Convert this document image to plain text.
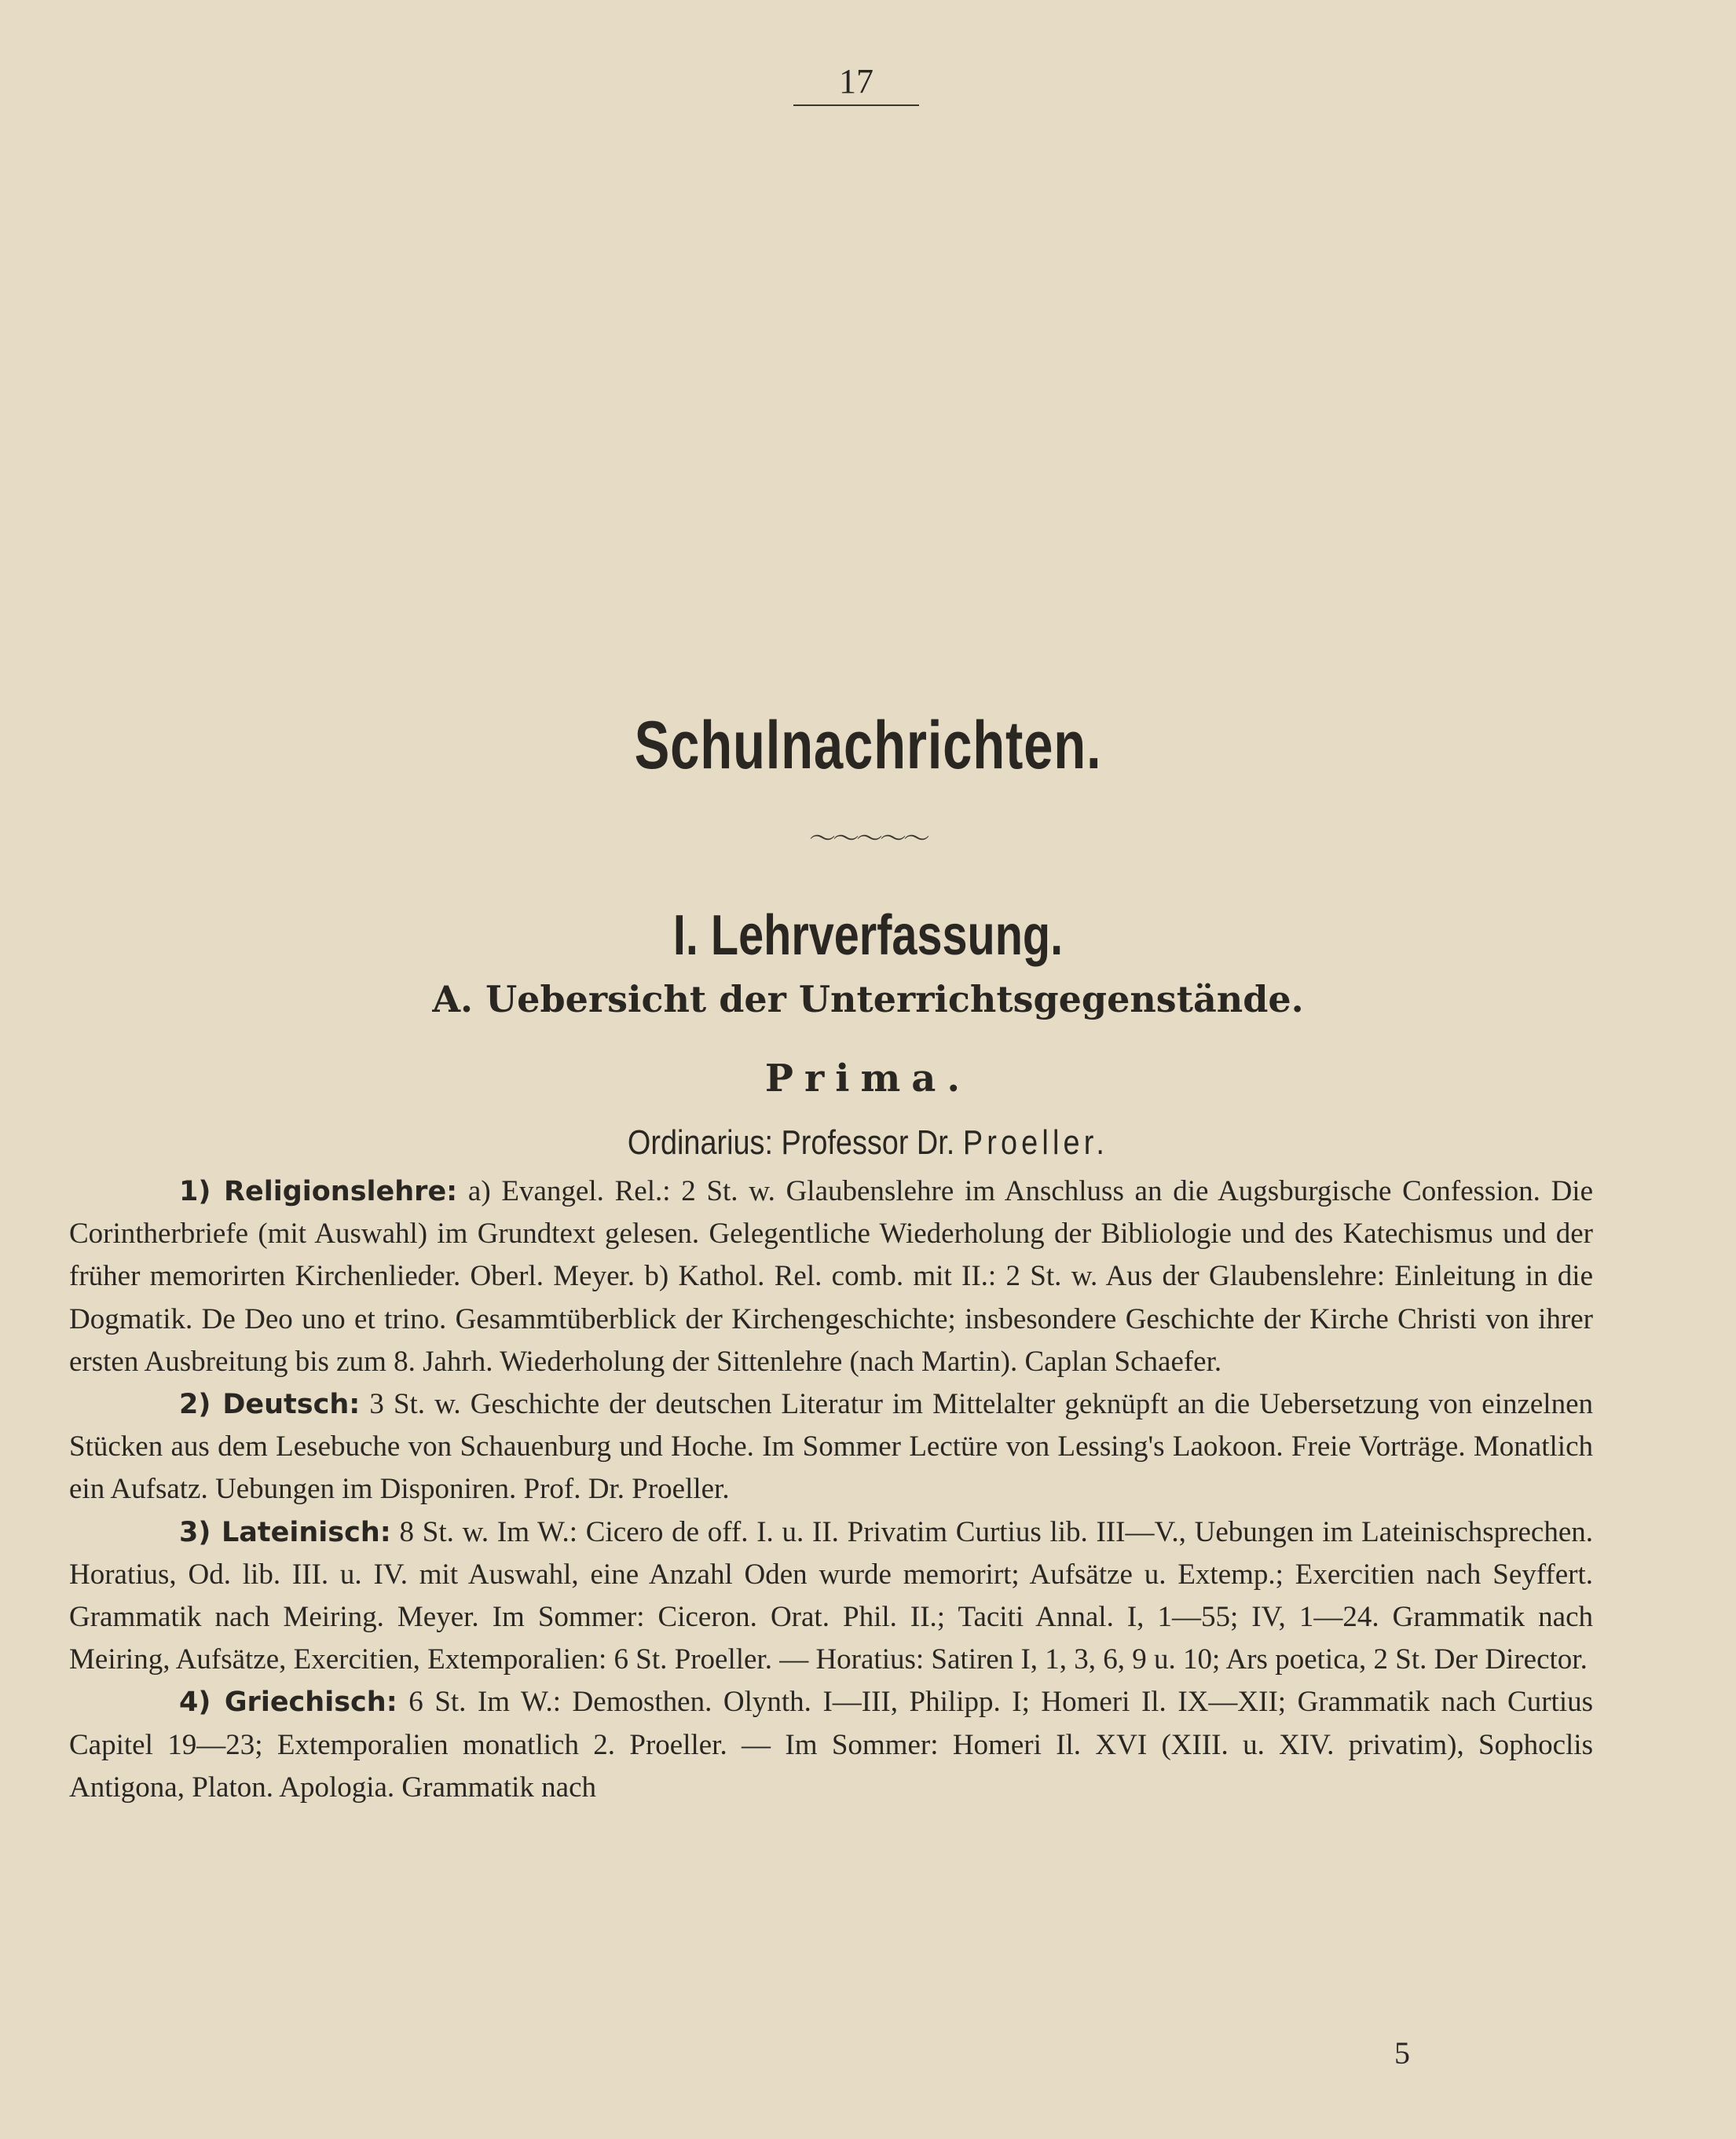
17
Schulnachrichten.
〜〜〜〜〜
I. Lehrverfassung.
A. Uebersicht der Unterrichtsgegenstände.
Prima.
Ordinarius: Professor Dr. Proeller.

1) Religionslehre: a) Evangel. Rel.: 2 St. w. Glaubenslehre im Anschluss an die Augsburgische Confession. Die Corintherbriefe (mit Auswahl) im Grundtext gelesen. Gelegentliche Wiederholung der Bibliologie und des Katechismus und der früher memorirten Kirchenlieder. Oberl. Meyer. b) Kathol. Rel. comb. mit II.: 2 St. w. Aus der Glaubenslehre: Einleitung in die Dogmatik. De Deo uno et trino. Gesammtüberblick der Kirchengeschichte; insbesondere Geschichte der Kirche Christi von ihrer ersten Ausbreitung bis zum 8. Jahrh. Wiederholung der Sittenlehre (nach Martin). Caplan Schaefer.

2) Deutsch: 3 St. w. Geschichte der deutschen Literatur im Mittelalter geknüpft an die Uebersetzung von einzelnen Stücken aus dem Lesebuche von Schauenburg und Hoche. Im Sommer Lectüre von Lessing's Laokoon. Freie Vorträge. Monatlich ein Aufsatz. Uebungen im Disponiren. Prof. Dr. Proeller.

3) Lateinisch: 8 St. w. Im W.: Cicero de off. I. u. II. Privatim Curtius lib. III—V., Uebungen im Lateinischsprechen. Horatius, Od. lib. III. u. IV. mit Auswahl, eine Anzahl Oden wurde memorirt; Aufsätze u. Extemp.; Exercitien nach Seyffert. Grammatik nach Meiring. Meyer. Im Sommer: Ciceron. Orat. Phil. II.; Taciti Annal. I, 1—55; IV, 1—24. Grammatik nach Meiring, Aufsätze, Exercitien, Extemporalien: 6 St. Proeller. — Horatius: Satiren I, 1, 3, 6, 9 u. 10; Ars poetica, 2 St. Der Director.

4) Griechisch: 6 St. Im W.: Demosthen. Olynth. I—III, Philipp. I; Homeri Il. IX—XII; Grammatik nach Curtius Capitel 19—23; Extemporalien monatlich 2. Proeller. — Im Sommer: Homeri Il. XVI (XIII. u. XIV. privatim), Sophoclis Antigona, Platon. Apologia. Grammatik nach

5
